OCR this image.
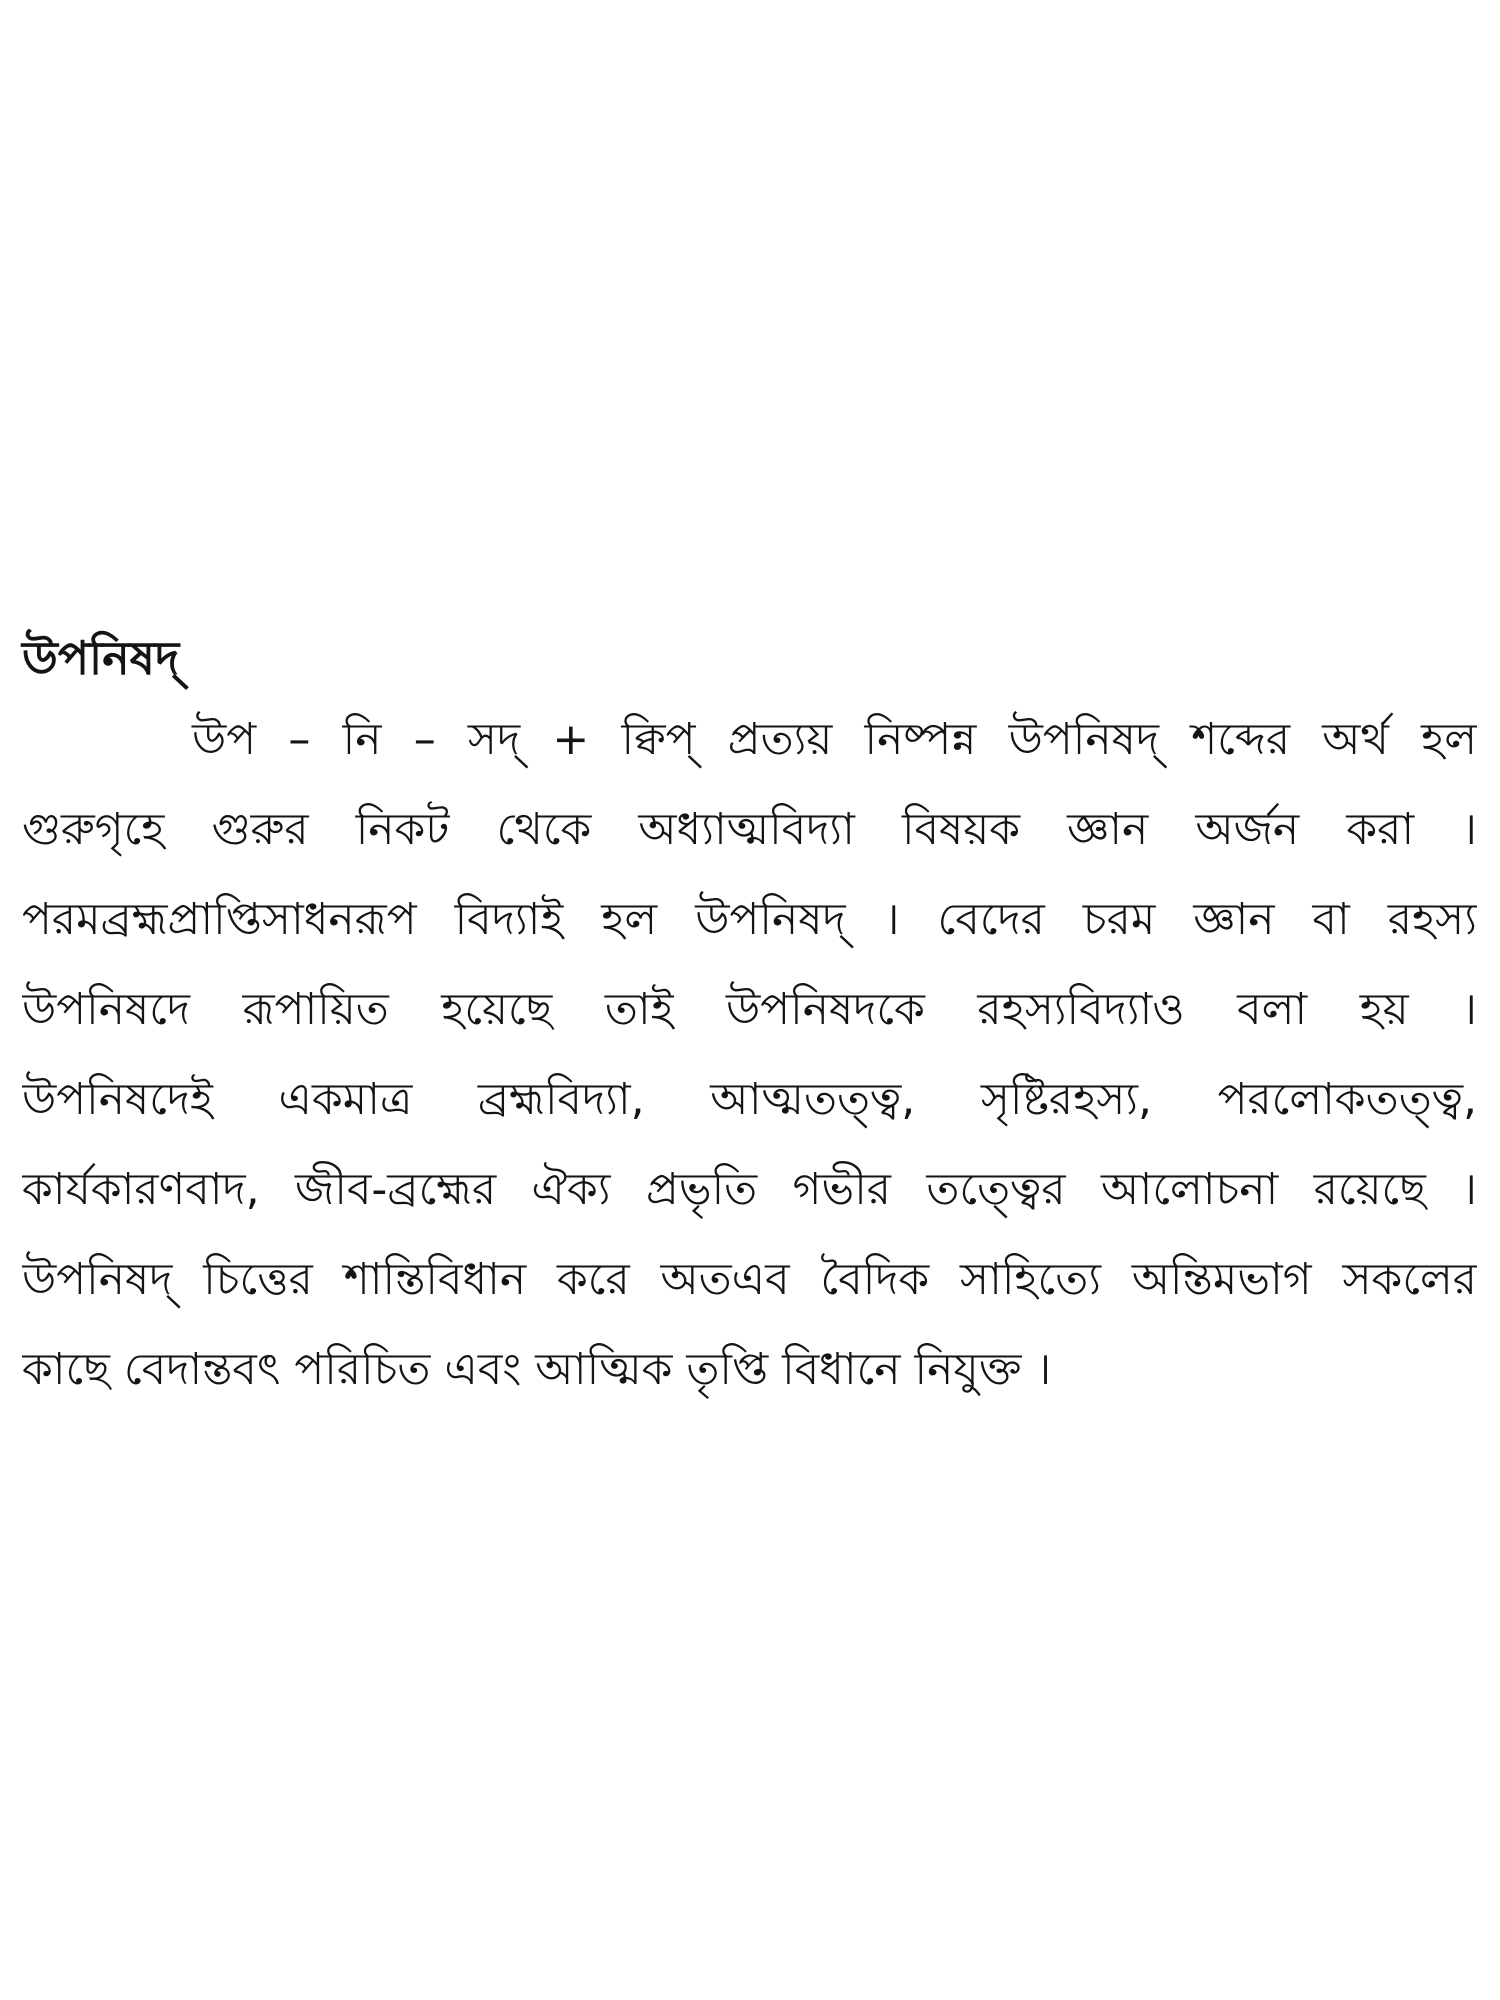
উপনিষদ্
উপ – নি – সদ্ + ক্বিপ্ প্রত্যয় নিষ্পন্ন উপনিষদ্ শব্দের অর্থ হল
গুরুগৃহে গুরুর নিকট থেকে অধ্যাত্মবিদ্যা বিষয়ক জ্ঞান অর্জন করা ।
পরমব্রহ্মপ্রাপ্তিসাধনরূপ বিদ্যাই হল উপনিষদ্ । বেদের চরম জ্ঞান বা রহস্য
উপনিষদে রূপায়িত হয়েছে তাই উপনিষদকে রহস্যবিদ্যাও বলা হয় ।
উপনিষদেই একমাত্র ব্রহ্মবিদ্যা, আত্মতত্ত্ব, সৃষ্টিরহস্য, পরলোকতত্ত্ব,
কার্যকারণবাদ, জীব-ব্রহ্মের ঐক্য প্রভৃতি গভীর তত্ত্বের আলোচনা রয়েছে ।
উপনিষদ্ চিত্তের শান্তিবিধান করে অতএব বৈদিক সাহিত্যে অন্তিমভাগ সকলের
কাছে বেদান্তবৎ পরিচিত এবং আত্মিক তৃপ্তি বিধানে নিযুক্ত ।
